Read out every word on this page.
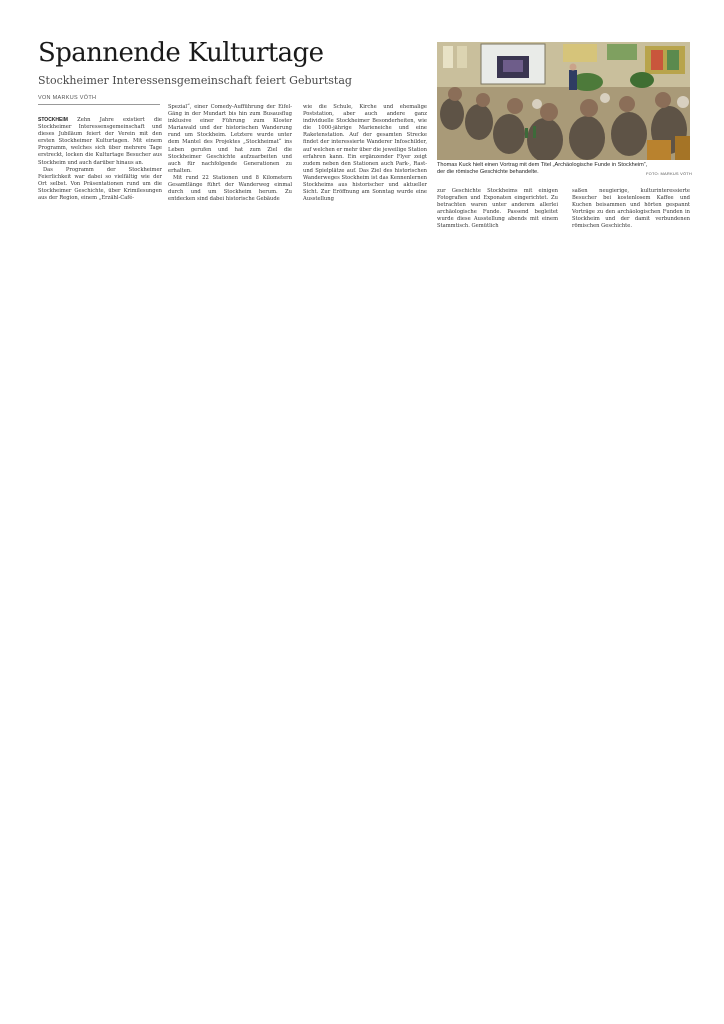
Spannende Kulturtage
Stockheimer Interessensgemeinschaft feiert Geburtstag
VON MARKUS VÖTH

STOCKHEIM Zehn Jahre existiert die Stockheimer Interessensgemeinschaft und dieses Jubiläum feiert der Verein mit den ersten Stockheimer Kulturtagen. Mit einem Programm, welches sich über mehrere Tage erstreckt, locken die Kulturtage Besucher aus Stockheim und auch darüber hinaus an.

Das Programm der Stockheimer Feierlichkeit war dabei so vielfältig wie der Ort selbst. Von Präsentationen rund um die Stockheimer Geschichte, über Krimilesungen aus der Region, einem „Erzähl-Café-

Spezial“, einer Comedy-Aufführung der Eifel-Gäng in der Mundart bis hin zum Busausflug inklusive einer Führung zum Kloster Mariawald und der historischen Wanderung rund um Stockheim. Letztere wurde unter dem Mantel des Projektes „Stockheimat“ ins Leben gerufen und hat zum Ziel die Stockheimer Geschichte aufzuarbeiten und auch für nachfolgende Generationen zu erhalten.

Mit rund 22 Stationen und 8 Kilometern Gesamtlänge führt der Wanderweg einmal durch und um Stockheim herum. Zu entdecken sind dabei historische Gebäude

wie die Schule, Kirche und ehemalige Poststation, aber auch andere ganz individuelle Stockheimer Besonderheiten, wie die 1000-jährige Marieneiche und eine Raketenstation. Auf der gesamten Strecke findet der interessierte Wanderer Infoschilder, auf welchen er mehr über die jeweilige Station erfahren kann. Ein ergänzender Flyer zeigt zudem neben den Stationen auch Park-, Rast- und Spielplätze auf. Das Ziel des historischen Wanderweges Stockheim ist das Kennenlernen Stockheims aus historischer und aktueller Sicht. Zur Eröffnung am Sonntag wurde eine Ausstellung

Thomas Kuck hielt einen Vortrag mit dem Titel „Archäologische Funde in Stockheim“, der die römische Geschichte behandelte.	FOTO: MARKUS VÖTH

zur Geschichte Stockheims mit einigen Fotografien und Exponaten eingerichtet. Zu betrachten waren unter anderem allerlei archäologische Funde. Passend begleitet wurde diese Ausstellung abends mit einem Stammtisch. Gemütlich

saßen neugierige, kulturinteressierte Besucher bei kostenlosem Kaffee und Kuchen beisammen und hörten gespannt Vorträge zu den archäologischen Funden in Stockheim und der damit verbundenen römischen Geschichte.
